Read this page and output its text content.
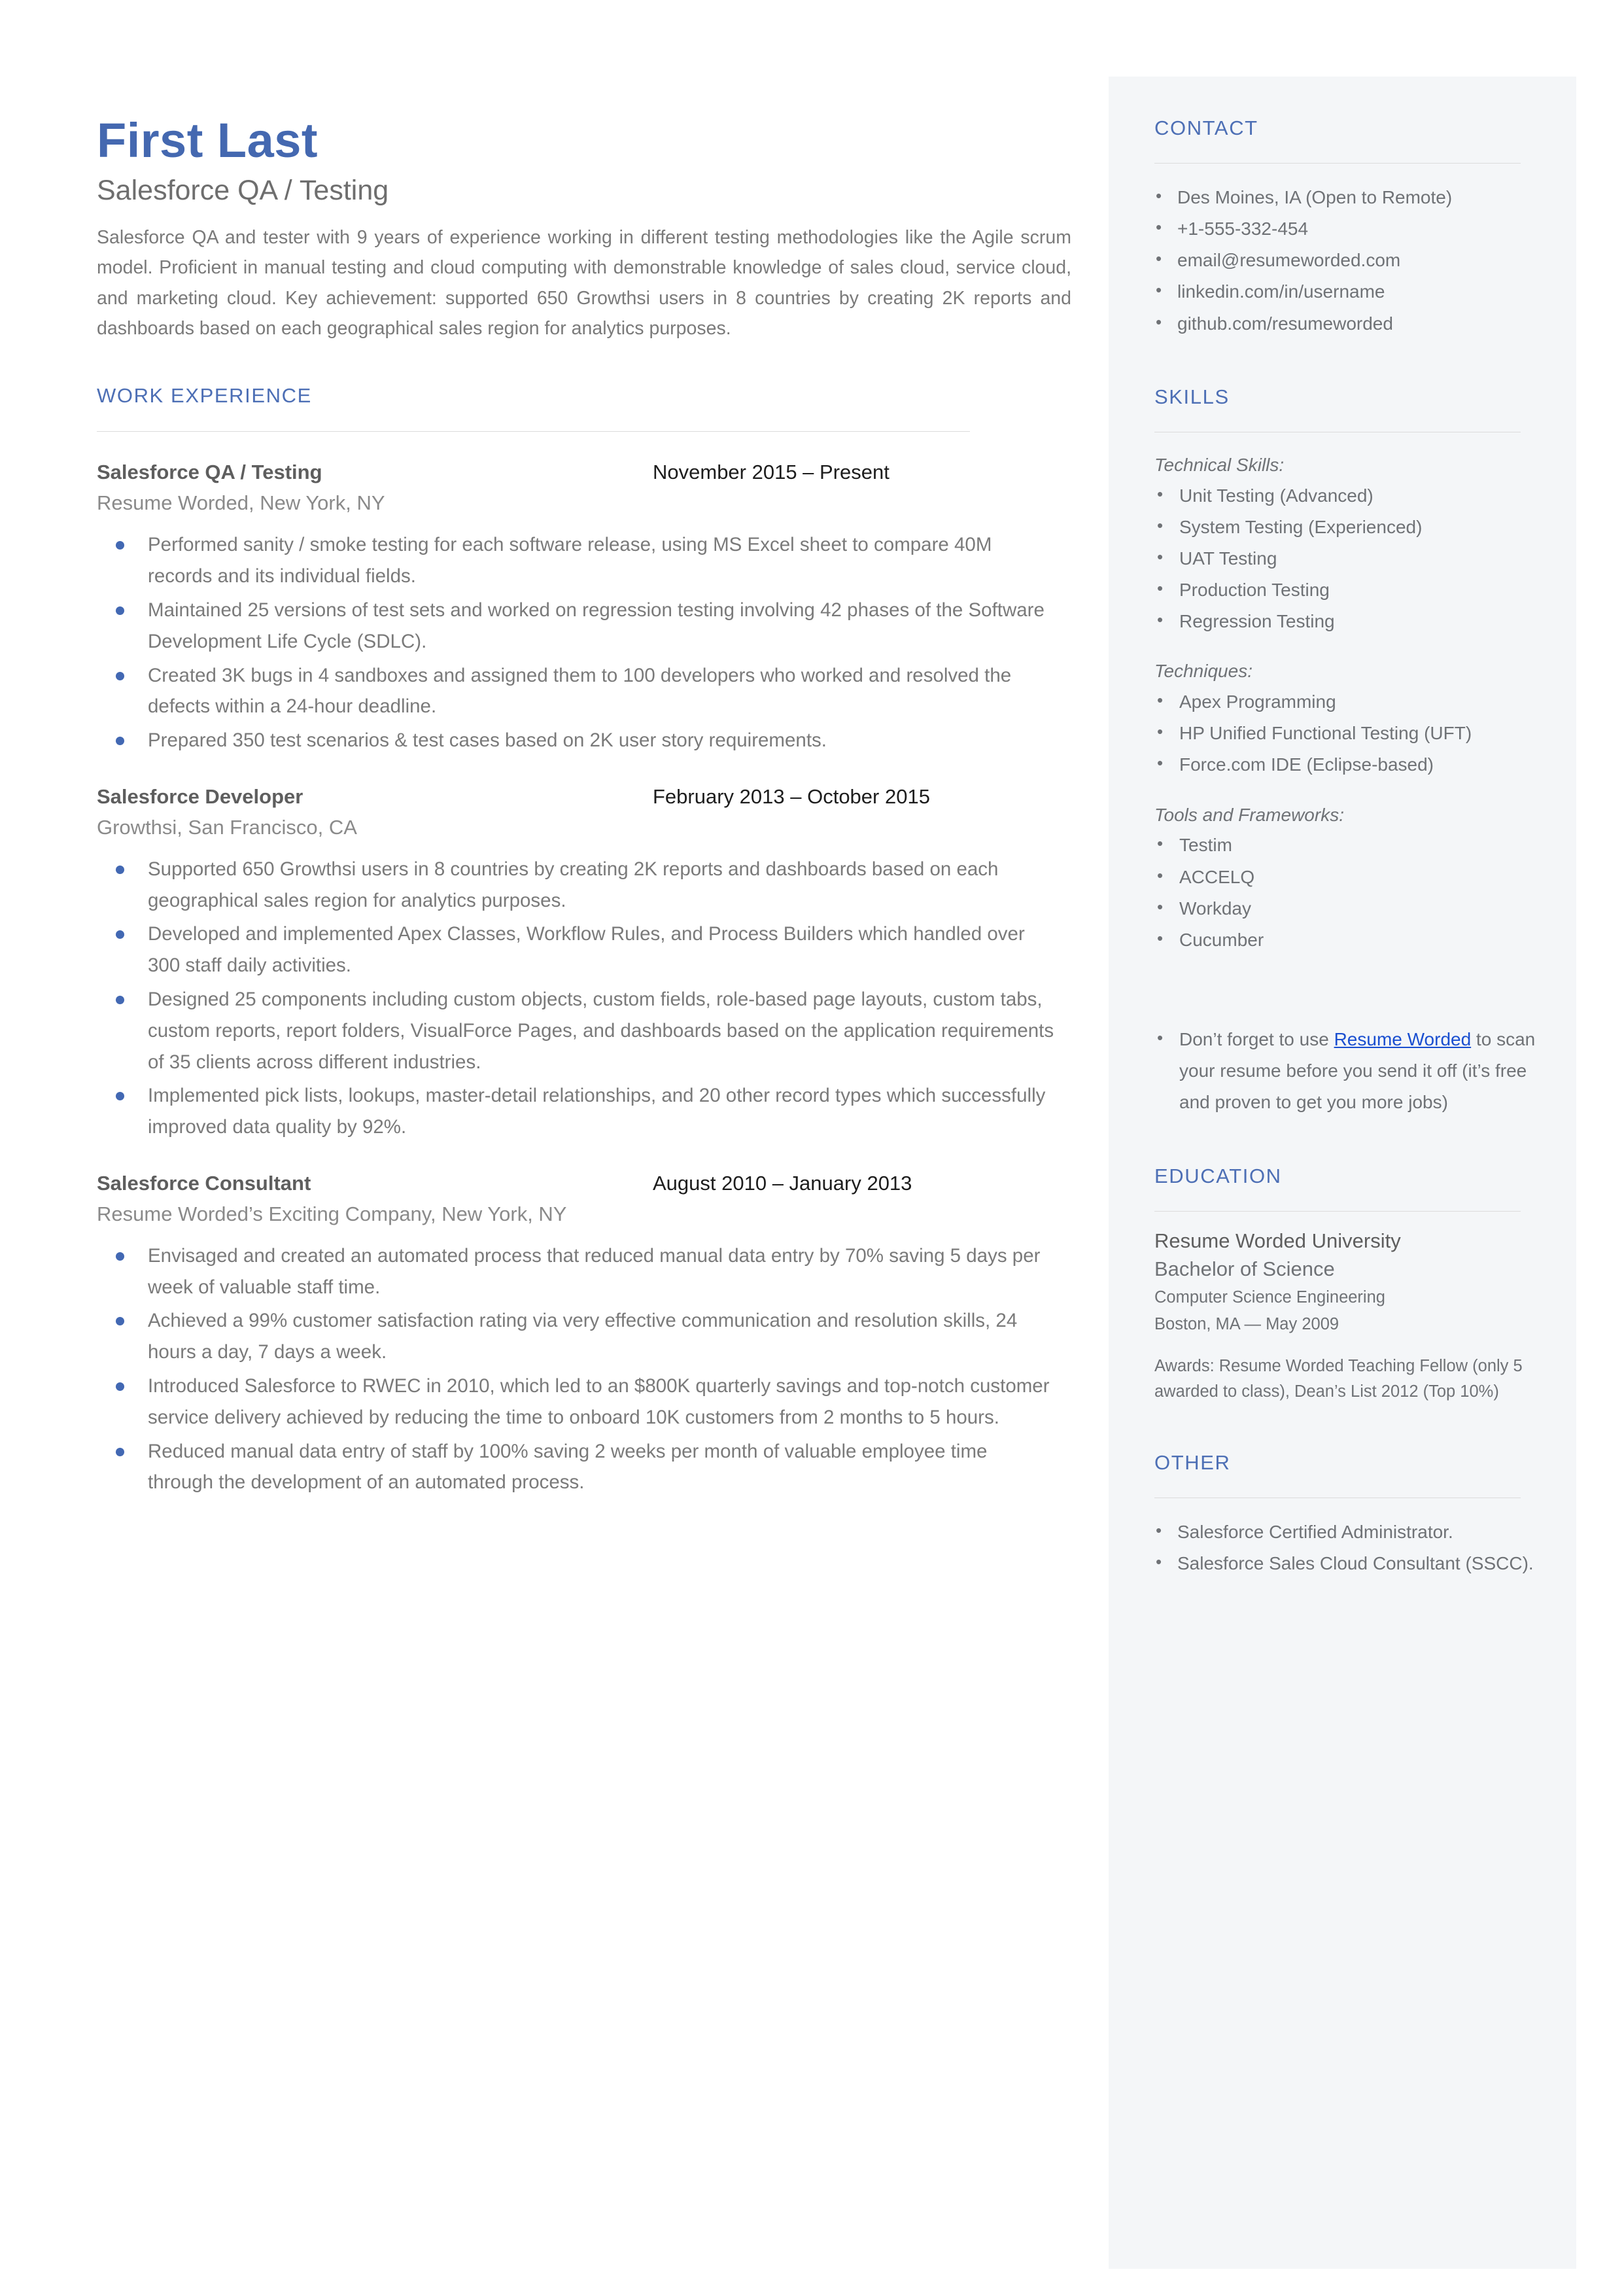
First Last
Salesforce QA / Testing

Salesforce QA and tester with 9 years of experience working in different testing methodologies like the Agile scrum model. Proficient in manual testing and cloud computing with demonstrable knowledge of sales cloud, service cloud, and marketing cloud. Key achievement: supported 650 Growthsi users in 8 countries by creating 2K reports and dashboards based on each geographical sales region for analytics purposes.

WORK EXPERIENCE
Salesforce QA / Testing	November 2015 – Present
Resume Worded, New York, NY
Performed sanity / smoke testing for each software release, using MS Excel sheet to compare 40M records and its individual fields.
Maintained 25 versions of test sets and worked on regression testing involving 42 phases of the Software Development Life Cycle (SDLC).
Created 3K bugs in 4 sandboxes and assigned them to 100 developers who worked and resolved the defects within a 24-hour deadline.
Prepared 350 test scenarios & test cases based on 2K user story requirements.
Salesforce Developer	February 2013 – October 2015
Growthsi, San Francisco, CA
Supported 650 Growthsi users in 8 countries by creating 2K reports and dashboards based on each geographical sales region for analytics purposes.
Developed and implemented Apex Classes, Workflow Rules, and Process Builders which handled over 300 staff daily activities.
Designed 25 components including custom objects, custom fields, role-based page layouts, custom tabs, custom reports, report folders, VisualForce Pages, and dashboards based on the application requirements of 35 clients across different industries.
Implemented pick lists, lookups, master-detail relationships, and 20 other record types which successfully improved data quality by 92%.
Salesforce Consultant	August 2010 – January 2013
Resume Worded’s Exciting Company, New York, NY
Envisaged and created an automated process that reduced manual data entry by 70% saving 5 days per week of valuable staff time.
Achieved a 99% customer satisfaction rating via very effective communication and resolution skills, 24 hours a day, 7 days a week.
Introduced Salesforce to RWEC in 2010, which led to an $800K quarterly savings and top-notch customer service delivery achieved by reducing the time to onboard 10K customers from 2 months to 5 hours.
Reduced manual data entry of staff by 100% saving 2 weeks per month of valuable employee time through the development of an automated process.
CONTACT
• Des Moines, IA (Open to Remote)
• +1-555-332-454
• email@resumeworded.com
• linkedin.com/in/username
• github.com/resumeworded
SKILLS
Technical Skills:
• Unit Testing (Advanced)
• System Testing (Experienced)
• UAT Testing
• Production Testing
• Regression Testing
Techniques:
• Apex Programming
• HP Unified Functional Testing (UFT)
• Force.com IDE (Eclipse-based)
Tools and Frameworks:
• Testim
• ACCELQ
• Workday
• Cucumber
• Don’t forget to use Resume Worded to scan your resume before you send it off (it’s free and proven to get you more jobs)
EDUCATION
Resume Worded University
Bachelor of Science
Computer Science Engineering
Boston, MA — May 2009
Awards: Resume Worded Teaching Fellow (only 5 awarded to class), Dean’s List 2012 (Top 10%)
OTHER
• Salesforce Certified Administrator.
• Salesforce Sales Cloud Consultant (SSCC).
